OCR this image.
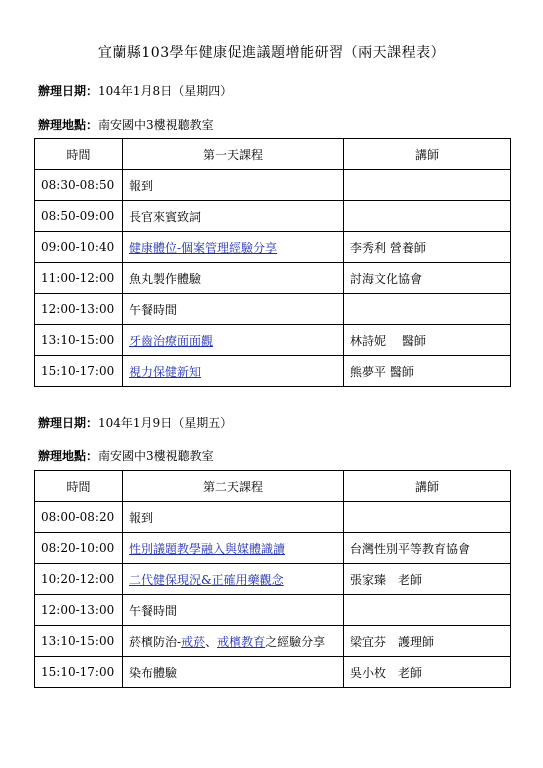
宜蘭縣103學年健康促進議題增能研習（兩天課程表）
辦理日期：104年1月8日（星期四）
辦理地點：南安國中3樓視聽教室
時間	第一天課程	講師
08:30-08:50	報到	
08:50-09:00	長官來賓致詞	
09:00-10:40	健康體位-個案管理經驗分享	李秀利 營養師
11:00-12:00	魚丸製作體驗	討海文化協會
12:00-13:00	午餐時間	
13:10-15:00	牙齒治療面面觀	林詩妮　 醫師
15:10-17:00	視力保健新知	熊夢平 醫師
辦理日期：104年1月9日（星期五）
辦理地點：南安國中3樓視聽教室
時間	第二天課程	講師
08:00-08:20	報到	
08:20-10:00	性別議題教學融入與媒體識讀	台灣性別平等教育協會
10:20-12:00	二代健保現況&正確用藥觀念	張家臻　老師
12:00-13:00	午餐時間	
13:10-15:00	菸檳防治-戒菸、戒檳教育之經驗分享	梁宜芬　護理師
15:10-17:00	染布體驗	吳小枚　老師
